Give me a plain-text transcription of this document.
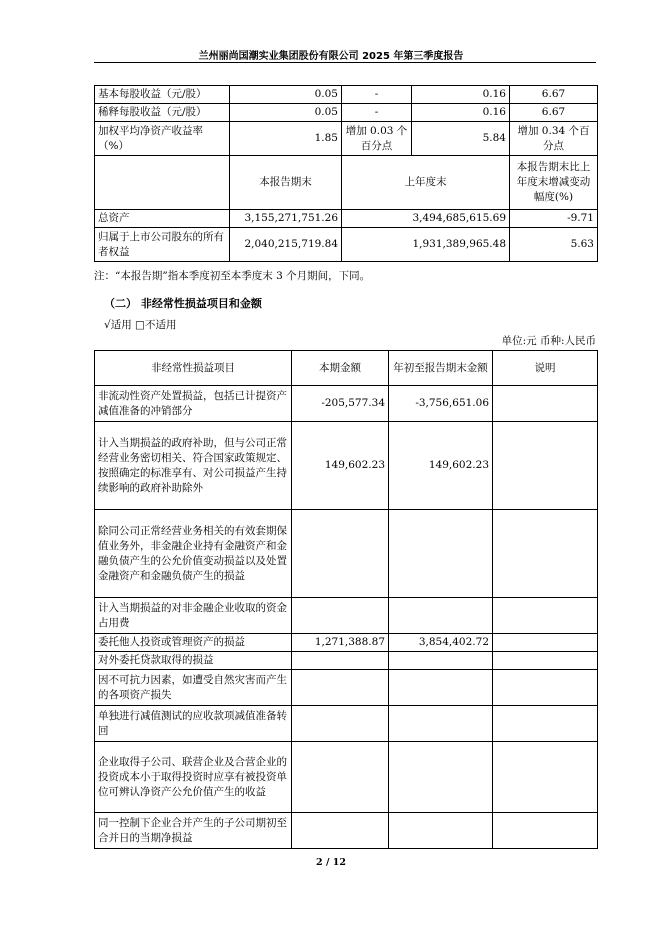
兰州丽尚国潮实业集团股份有限公司 2025 年第三季度报告
基本每股收益（元/股）	0.05	-	0.16	6.67
稀释每股收益（元/股）	0.05	-	0.16	6.67
加权平均净资产收益率（%）	1.85	增加 0.03 个百分点	5.84	增加 0.34 个百分点
	本报告期末	上年度末		本报告期末比上年度末增减变动幅度(%)
总资产	3,155,271,751.26	3,494,685,615.69		-9.71
归属于上市公司股东的所有者权益	2,040,215,719.84	1,931,389,965.48		5.63
注：“本报告期”指本季度初至本季度末 3 个月期间，下同。
（二） 非经常性损益项目和金额
√适用 □不适用
单位:元 币种:人民币
非经常性损益项目	本期金额	年初至报告期末金额	说明
非流动性资产处置损益，包括已计提资产减值准备的冲销部分	-205,577.34	-3,756,651.06	
计入当期损益的政府补助，但与公司正常经营业务密切相关、符合国家政策规定、按照确定的标准享有、对公司损益产生持续影响的政府补助除外	149,602.23	149,602.23	
除同公司正常经营业务相关的有效套期保值业务外，非金融企业持有金融资产和金融负债产生的公允价值变动损益以及处置金融资产和金融负债产生的损益			
计入当期损益的对非金融企业收取的资金占用费			
委托他人投资或管理资产的损益	1,271,388.87	3,854,402.72	
对外委托贷款取得的损益			
因不可抗力因素，如遭受自然灾害而产生的各项资产损失			
单独进行减值测试的应收款项减值准备转回			
企业取得子公司、联营企业及合营企业的投资成本小于取得投资时应享有被投资单位可辨认净资产公允价值产生的收益			
同一控制下企业合并产生的子公司期初至合并日的当期净损益			
2 / 12
